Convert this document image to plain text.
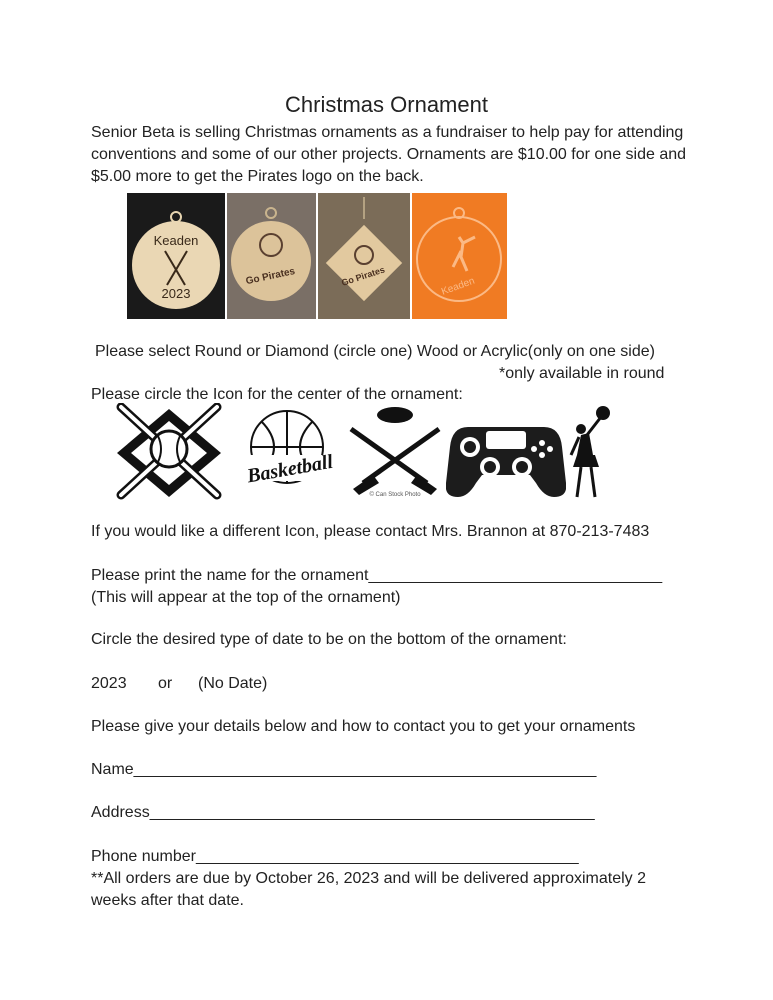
Christmas Ornament
Senior Beta is selling Christmas ornaments as a fundraiser to help pay for attending conventions and some of our other projects. Ornaments are $10.00 for one side and $5.00 more to get the Pirates logo on the back.
Keaden
2023
Go Pirates	Go Pirates	Keaden
Please select Round or Diamond (circle one) Wood or Acrylic(only on one side)
*only available in round
Please circle the Icon for the center of the ornament:
Basketball
© Can Stock Photo
If you would like a different Icon, please contact Mrs. Brannon at 870-213-7483
Please print the name for the ornament_________________________________
(This will appear at the top of the ornament)
Circle the desired type of date to be on the bottom of the ornament:
2023 or (No Date)
Please give your details below and how to contact you to get your ornaments
Name____________________________________________________
Address__________________________________________________
Phone number___________________________________________
**All orders are due by October 26, 2023 and will be delivered approximately 2 weeks after that date.
